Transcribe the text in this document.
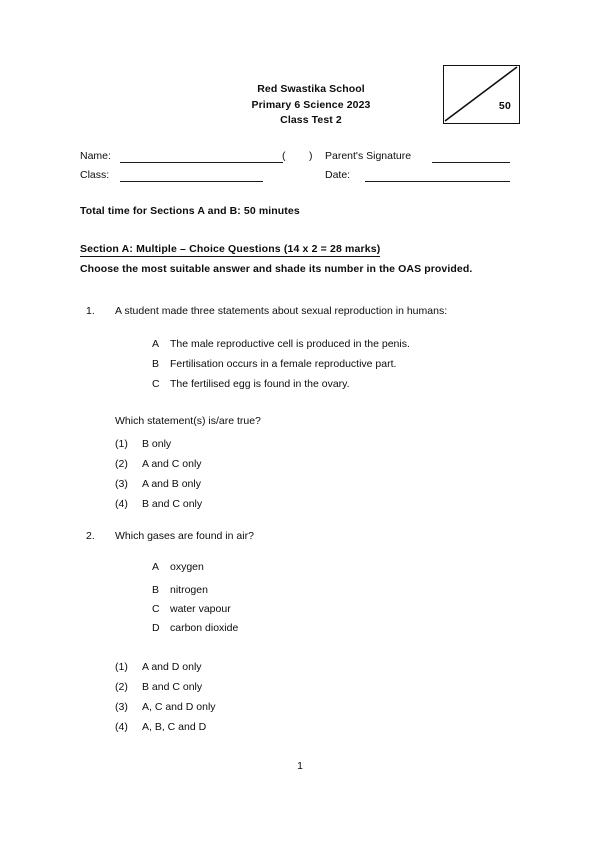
Red Swastika School
Primary 6 Science 2023
Class Test 2
50
Name:	( ) Parent's Signature
Class:	Date:
Total time for Sections A and B: 50 minutes
Section A: Multiple – Choice Questions (14 x 2 = 28 marks)
Choose the most suitable answer and shade its number in the OAS provided.
1. A student made three statements about sexual reproduction in humans:
A The male reproductive cell is produced in the penis.
B Fertilisation occurs in a female reproductive part.
C The fertilised egg is found in the ovary.
Which statement(s) is/are true?
(1) B only
(2) A and C only
(3) A and B only
(4) B and C only
2. Which gases are found in air?
A oxygen
B nitrogen
C water vapour
D carbon dioxide
(1) A and D only
(2) B and C only
(3) A, C and D only
(4) A, B, C and D
1
